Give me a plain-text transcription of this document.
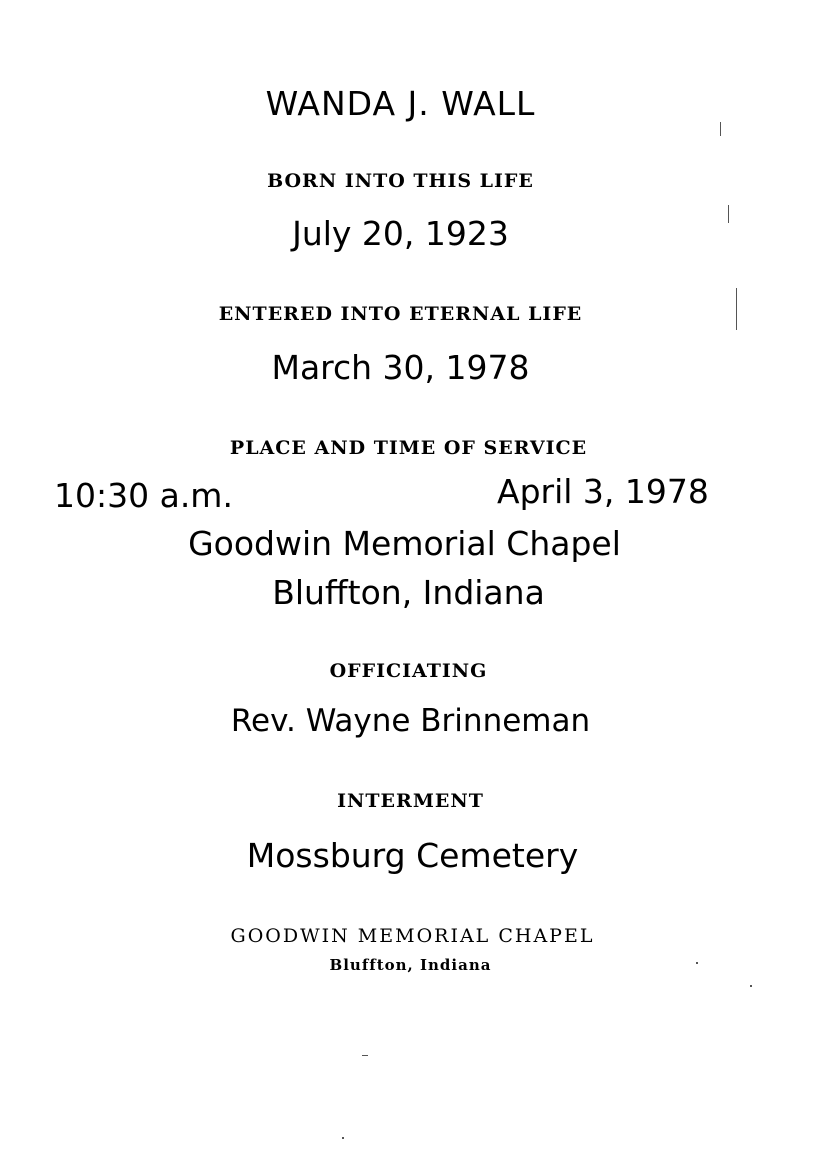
WANDA J. WALL
BORN INTO THIS LIFE
July 20, 1923
ENTERED INTO ETERNAL LIFE
March 30, 1978
PLACE AND TIME OF SERVICE
10:30 a.m.	April 3, 1978
Goodwin Memorial Chapel
Bluffton, Indiana
OFFICIATING
Rev. Wayne Brinneman
INTERMENT
Mossburg Cemetery
GOODWIN MEMORIAL CHAPEL
Bluffton, Indiana
